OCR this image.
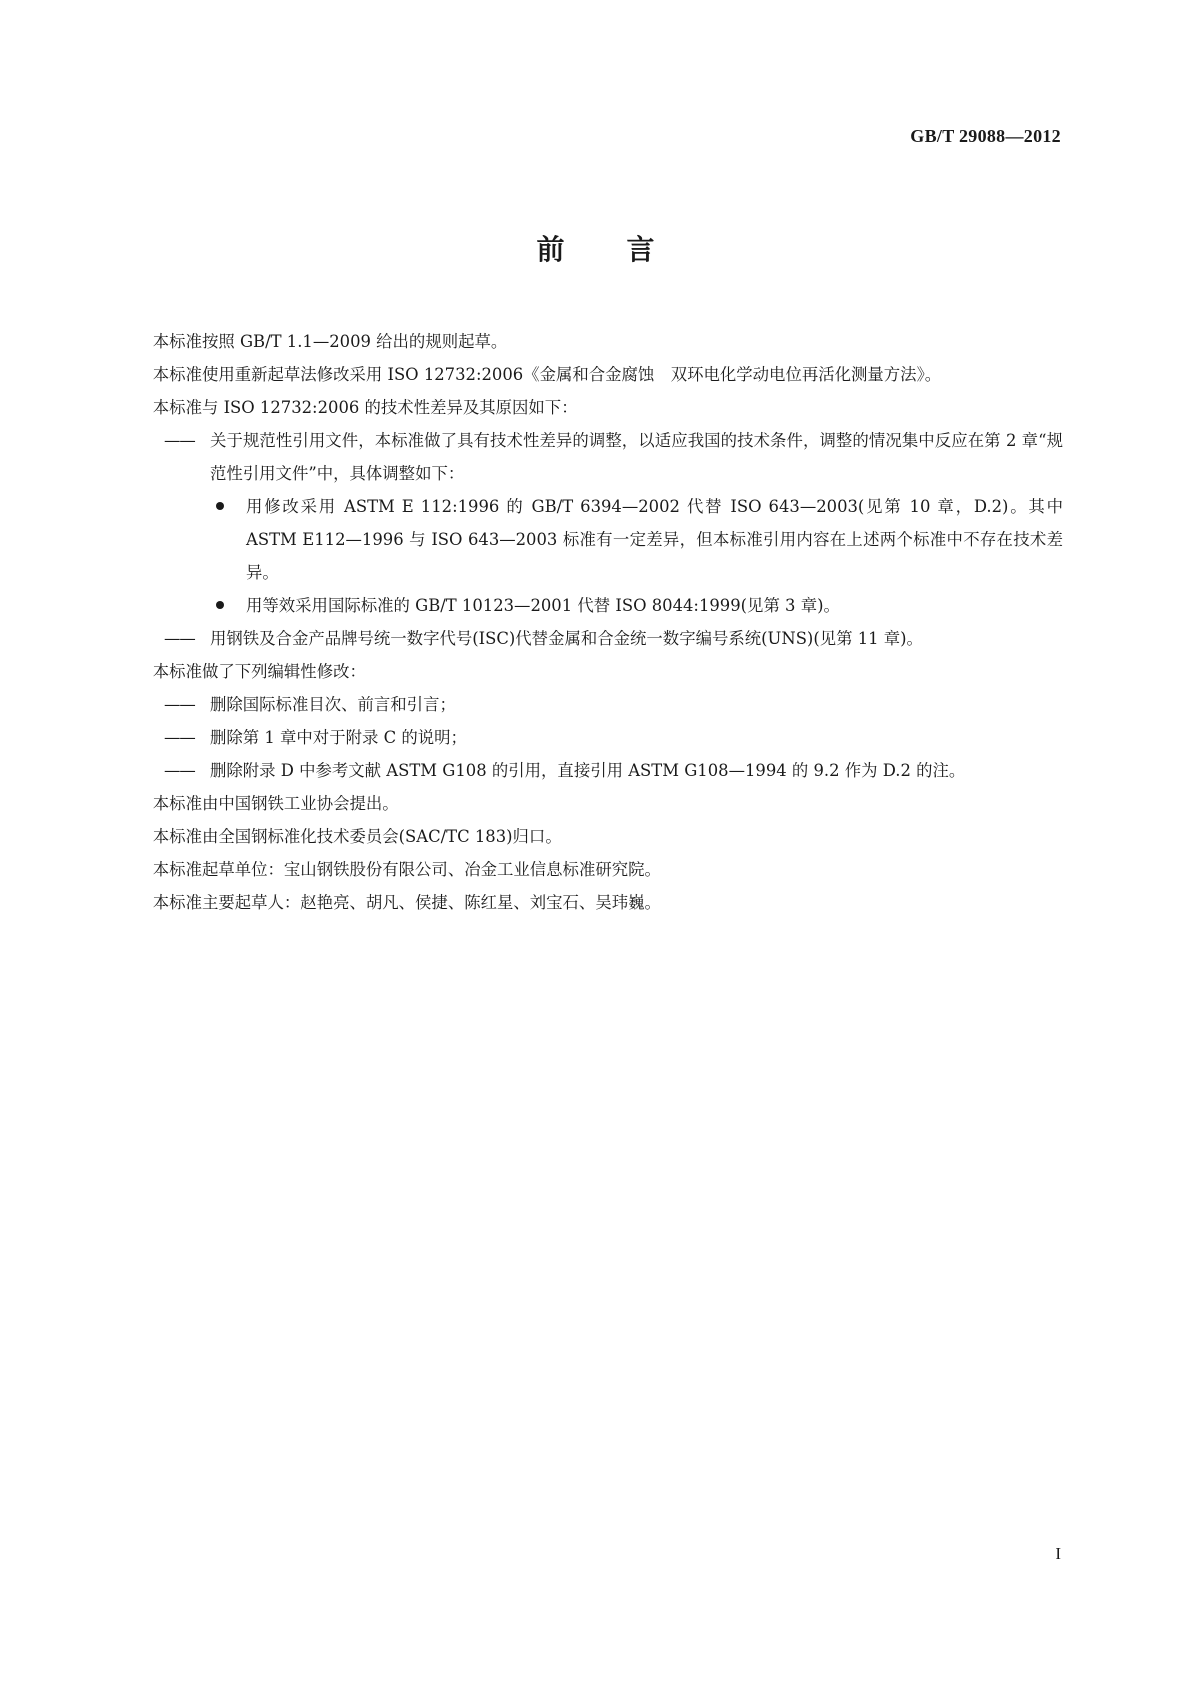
GB/T 29088—2012
前 言

本标准按照 GB/T 1.1—2009 给出的规则起草。

本标准使用重新起草法修改采用 ISO 12732:2006《金属和合金腐蚀　双环电化学动电位再活化测量方法》。

本标准与 ISO 12732:2006 的技术性差异及其原因如下：

—— 关于规范性引用文件，本标准做了具有技术性差异的调整，以适应我国的技术条件，调整的情况集中反应在第 2 章“规范性引用文件”中，具体调整如下：
用修改采用 ASTM E 112:1996 的 GB/T 6394—2002 代替 ISO 643—2003(见第 10 章，D.2)。其中 ASTM E112—1996 与 ISO 643—2003 标准有一定差异，但本标准引用内容在上述两个标准中不存在技术差异。
用等效采用国际标准的 GB/T 10123—2001 代替 ISO 8044:1999(见第 3 章)。
—— 用钢铁及合金产品牌号统一数字代号(ISC)代替金属和合金统一数字编号系统(UNS)(见第 11 章)。

本标准做了下列编辑性修改：

—— 删除国际标准目次、前言和引言；
—— 删除第 1 章中对于附录 C 的说明；
—— 删除附录 D 中参考文献 ASTM G108 的引用，直接引用 ASTM G108—1994 的 9.2 作为 D.2 的注。

本标准由中国钢铁工业协会提出。

本标准由全国钢标准化技术委员会(SAC/TC 183)归口。

本标准起草单位：宝山钢铁股份有限公司、冶金工业信息标准研究院。

本标准主要起草人：赵艳亮、胡凡、侯捷、陈红星、刘宝石、吴玮巍。

I
